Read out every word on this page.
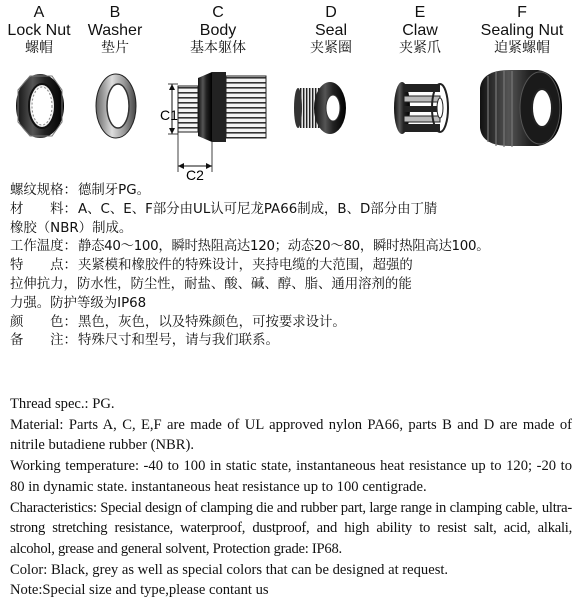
A
Lock Nut
螺帽
B
Washer
垫片
C
Body
基本躯体
D
Seal
夹紧圈
E
Claw
夹紧爪
F
Sealing Nut
迫紧螺帽
C1
C2
螺纹规格： 德制牙PG。
材　　料： A、C、E、F部分由UL认可尼龙PA66制成，B、D部分由丁腈
橡胶（NBR）制成。
工作温度： 静态40～100，瞬时热阻高达120；动态20～80，瞬时热阻高达100。
特　　点： 夹紧模和橡胶件的特殊设计，夹持电缆的大范围，超强的
拉伸抗力，防水性，防尘性，耐盐、酸、碱、醇、脂、通用溶剂的能
力强。防护等级为IP68
颜　　色： 黑色，灰色，以及特殊颜色，可按要求设计。
备　　注： 特殊尺寸和型号，请与我们联系。

Thread spec.: PG.

Material: Parts A, C, E,F are made of UL approved nylon PA66, parts B and D are made of nitrile butadiene rubber (NBR).

Working temperature: -40 to 100 in static state, instantaneous heat resistance up to 120; -20 to 80 in dynamic state. instantaneous heat resistance up to 100 centigrade.

Characteristics: Special design of clamping die and rubber part, large range in clamping cable, ultra-strong stretching resistance, waterproof, dustproof, and high ability to resist salt, acid, alkali, alcohol, grease and general solvent, Protection grade: IP68.

Color: Black, grey as well as special colors that can be designed at request.

Note:Special size and type,please contant us
